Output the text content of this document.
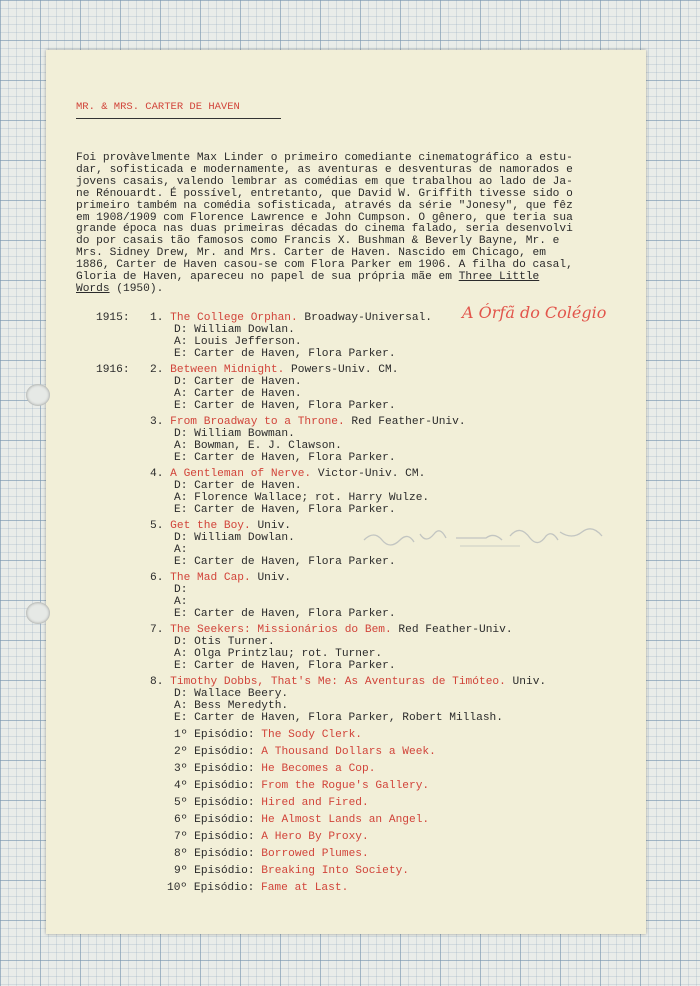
MR. & MRS. CARTER DE HAVEN
Foi provàvelmente Max Linder o primeiro comediante cinematográfico a estu-
dar, sofisticada e modernamente, as aventuras e desventuras de namorados e
jovens casais, valendo lembrar as comédias em que trabalhou ao lado de Ja-
ne Rénouardt. É possível, entretanto, que David W. Griffith tivesse sido o
primeiro também na comédia sofisticada, através da série "Jonesy", que fêz
em 1908/1909 com Florence Lawrence e John Cumpson. O gênero, que teria sua
grande época nas duas primeiras décadas do cinema falado, seria desenvolvi
do por casais tão famosos como Francis X. Bushman & Beverly Bayne, Mr. e
Mrs. Sidney Drew, Mr. and Mrs. Carter de Haven. Nascido em Chicago, em
1886, Carter de Haven casou-se com Flora Parker em 1906. A filha do casal,
Gloria de Haven, apareceu no papel de sua própria mãe em Three Little
Words (1950).
1915:
1916:
1. The College Orphan. Broadway-Universal.
D: William Dowlan.
A: Louis Jefferson.
E: Carter de Haven, Flora Parker.
2. Between Midnight. Powers-Univ. CM.
D: Carter de Haven.
A: Carter de Haven.
E: Carter de Haven, Flora Parker.
3. From Broadway to a Throne. Red Feather-Univ.
D: William Bowman.
A: Bowman, E. J. Clawson.
E: Carter de Haven, Flora Parker.
4. A Gentleman of Nerve. Victor-Univ. CM.
D: Carter de Haven.
A: Florence Wallace; rot. Harry Wulze.
E: Carter de Haven, Flora Parker.
5. Get the Boy. Univ.
D: William Dowlan.
A:
E: Carter de Haven, Flora Parker.
6. The Mad Cap. Univ.
D:
A:
E: Carter de Haven, Flora Parker.
7. The Seekers: Missionários do Bem. Red Feather-Univ.
D: Otis Turner.
A: Olga Printzlau; rot. Turner.
E: Carter de Haven, Flora Parker.
8. Timothy Dobbs, That's Me: As Aventuras de Timóteo. Univ.
D: Wallace Beery.
A: Bess Meredyth.
E: Carter de Haven, Flora Parker, Robert Millash.
1º Episódio: The Sody Clerk.
2º Episódio: A Thousand Dollars a Week.
3º Episódio: He Becomes a Cop.
4º Episódio: From the Rogue's Gallery.
5º Episódio: Hired and Fired.
6º Episódio: He Almost Lands an Angel.
7º Episódio: A Hero By Proxy.
8º Episódio: Borrowed Plumes.
9º Episódio: Breaking Into Society.
10º Episódio: Fame at Last.
A Órfã do Colégio
